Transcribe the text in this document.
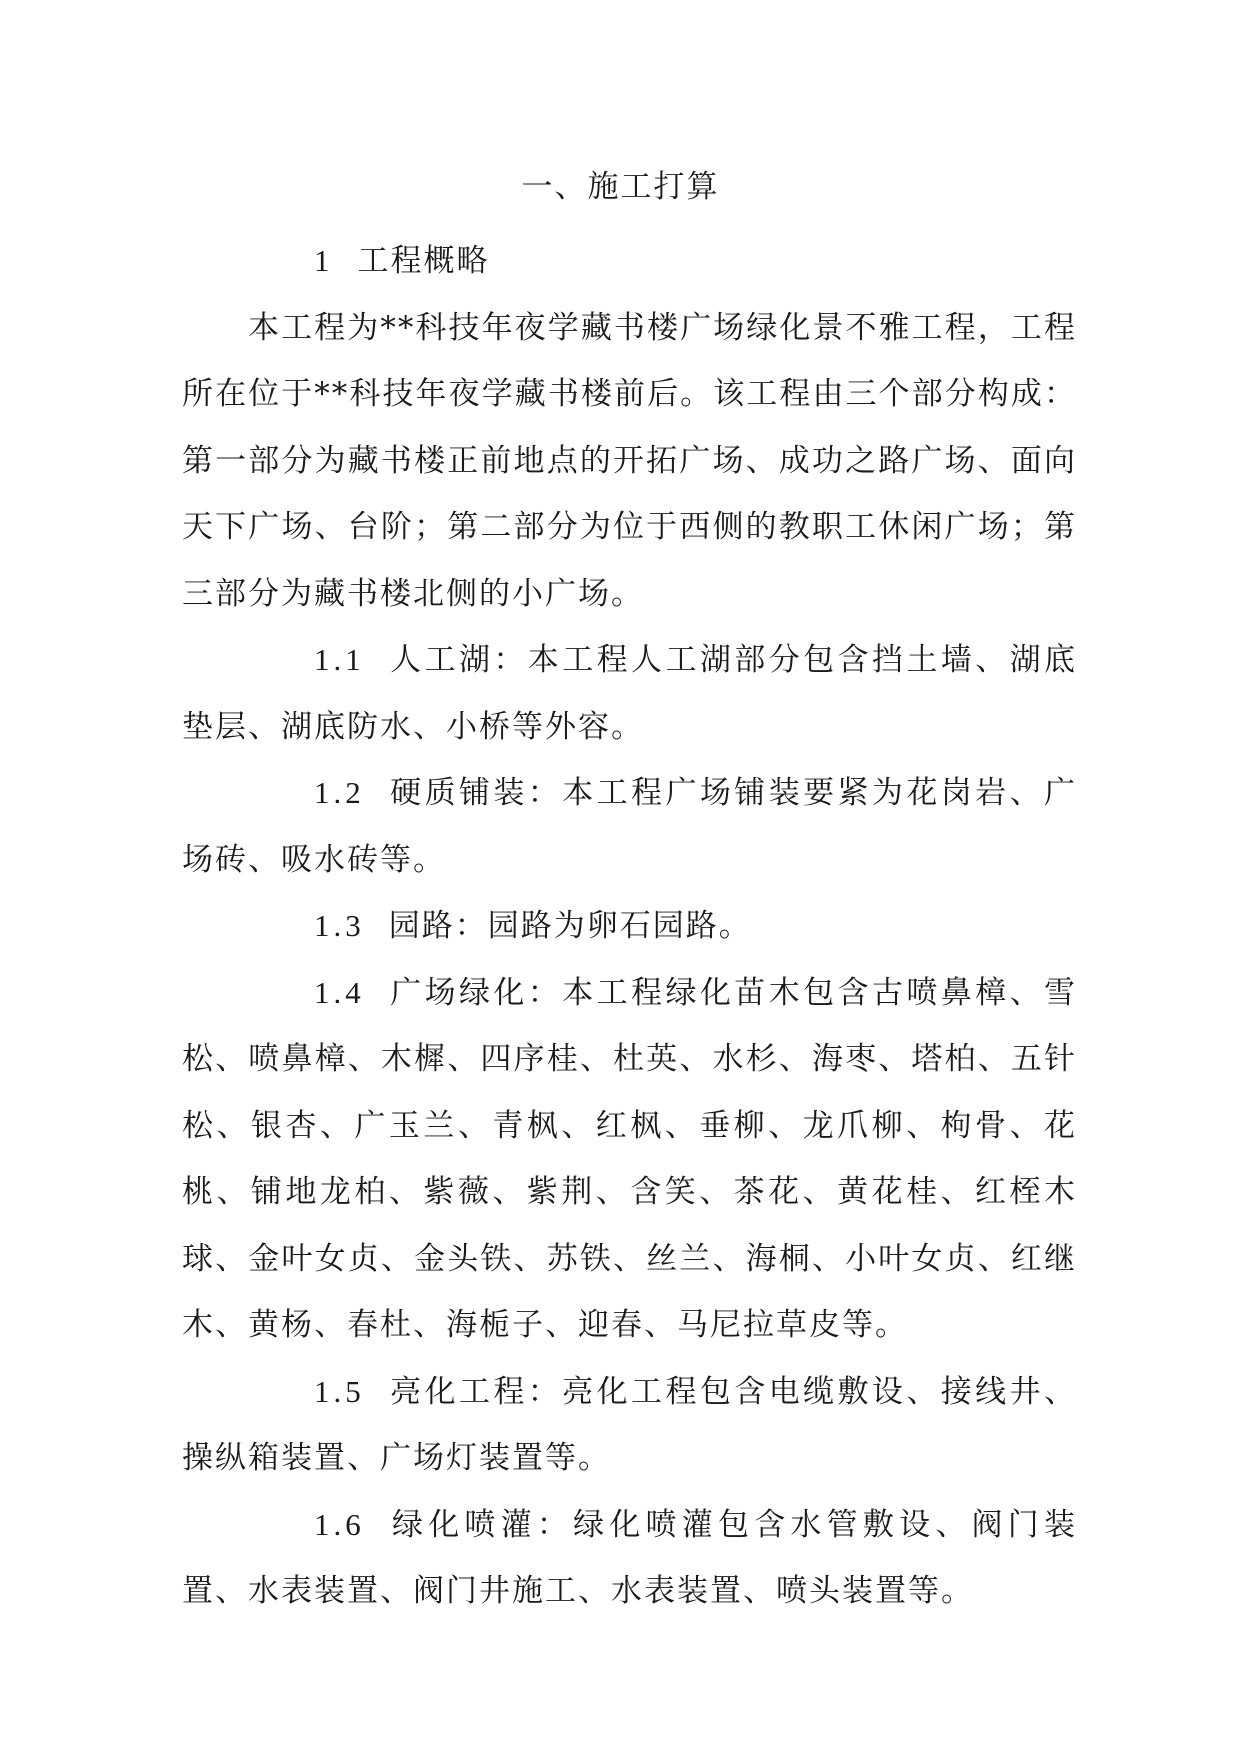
一、施工打算

1 工程概略

本工程为**科技年夜学藏书楼广场绿化景不雅工程，工程所在位于**科技年夜学藏书楼前后。该工程由三个部分构成：第一部分为藏书楼正前地点的开拓广场、成功之路广场、面向天下广场、台阶；第二部分为位于西侧的教职工休闲广场；第三部分为藏书楼北侧的小广场。

1.1 人工湖：本工程人工湖部分包含挡土墙、湖底垫层、湖底防水、小桥等外容。

1.2 硬质铺装：本工程广场铺装要紧为花岗岩、广场砖、吸水砖等。

1.3 园路：园路为卵石园路。

1.4 广场绿化：本工程绿化苗木包含古喷鼻樟、雪松、喷鼻樟、木樨、四序桂、杜英、水杉、海枣、塔柏、五针松、银杏、广玉兰、青枫、红枫、垂柳、龙爪柳、枸骨、花桃、铺地龙柏、紫薇、紫荆、含笑、茶花、黄花桂、红桎木球、金叶女贞、金头铁、苏铁、丝兰、海桐、小叶女贞、红继木、黄杨、春杜、海栀子、迎春、马尼拉草皮等。

1.5 亮化工程：亮化工程包含电缆敷设、接线井、操纵箱装置、广场灯装置等。

1.6 绿化喷灌：绿化喷灌包含水管敷设、阀门装置、水表装置、阀门井施工、水表装置、喷头装置等。
